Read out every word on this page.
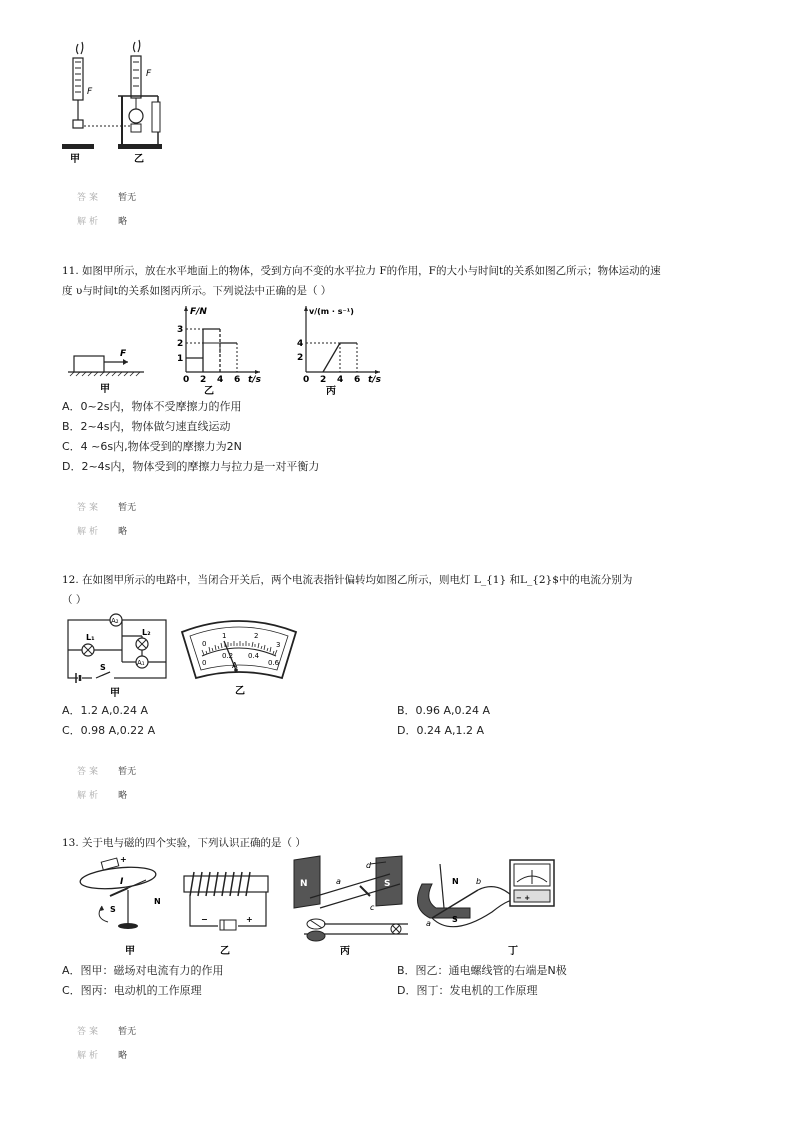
F
F
甲	乙
答案 暂无
解析 略
11. 如图甲所示，放在水平地面上的物体，受到方向不变的水平拉力 F的作用，F的大小与时间t的关系如图乙所示；物体运动的速
度 υ与时间t的关系如图丙所示。下列说法中正确的是（ ）
F
甲
F/N
3
2
1
0 2 4 6 t/s
乙
v/(m · s⁻¹)
4
2
0 2 4 6 t/s
丙
A．0~2s内，物体不受摩擦力的作用
B．2~4s内，物体做匀速直线运动
C．4 ~6s内,物体受到的摩擦力为2N
D．2~4s内，物体受到的摩擦力与拉力是一对平衡力
答案 暂无
解析 略
12. 在如图甲所示的电路中，当闭合开关后，两个电流表指针偏转均如图乙所示，则电灯 L_{1} 和L_{2}$中的电流分别为
（ ）
A₂
L₁
L₂
A₁
S
甲
0
1	2
3
0
0.2 0.4
0.6
A
乙
A．1.2 A,0.24 A	B．0.96 A,0.24 A
C．0.98 A,0.22 A	D．0.24 A,1.2 A
答案 暂无
解析 略
13. 关于电与磁的四个实验，下列认识正确的是（ ）
+
I
S
N
甲
−	+
乙
N	S
a
c
d
丙
N
S
b
a
− +
丁
A．图甲：磁场对电流有力的作用	B．图乙：通电螺线管的右端是N极
C．图丙：电动机的工作原理	D．图丁：发电机的工作原理
答案 暂无
解析 略
